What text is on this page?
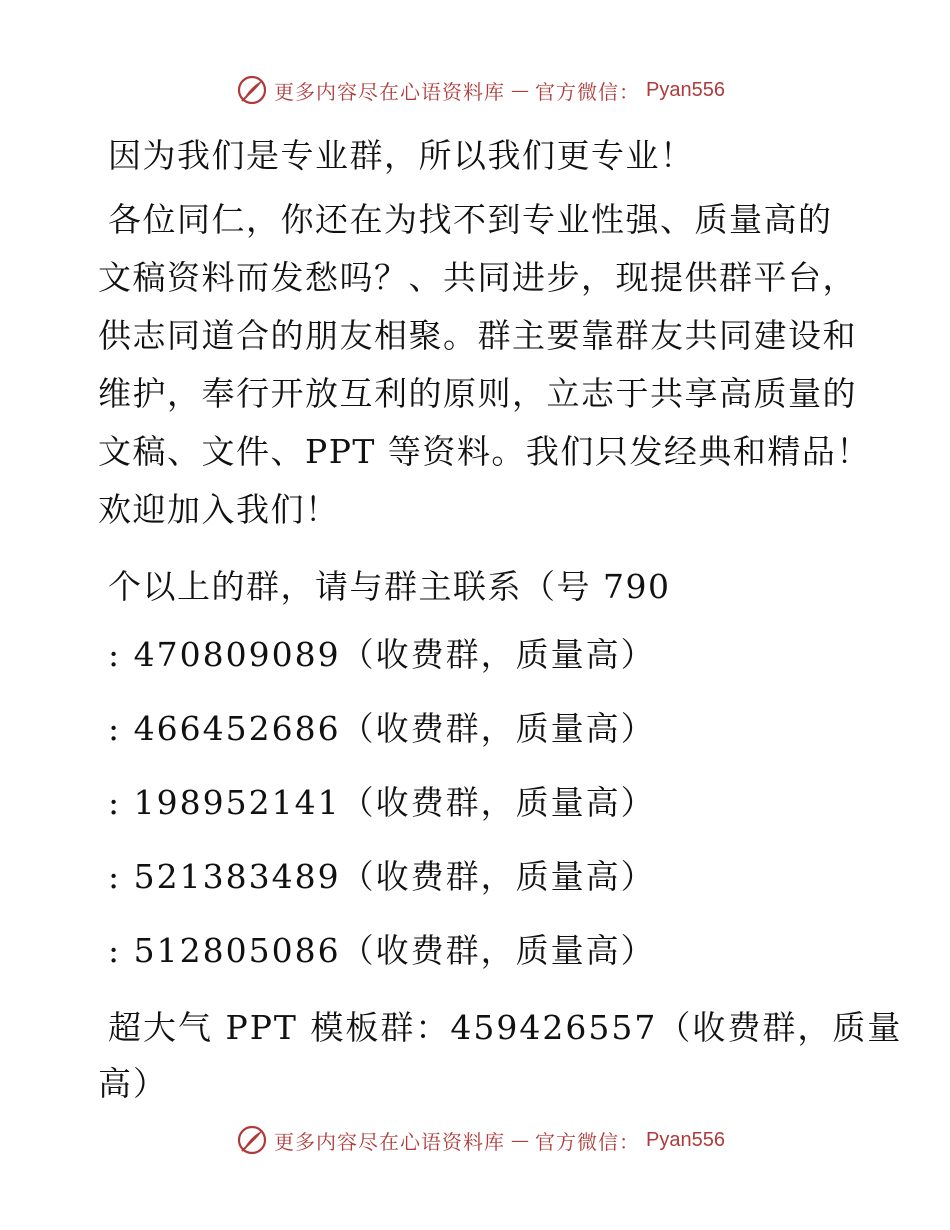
更多内容尽在心语资料库 — 官方微信： Pyan556

因为我们是专业群，所以我们更专业！

各位同仁，你还在为找不到专业性强、质量高的
文稿资料而发愁吗？、共同进步，现提供群平台，
供志同道合的朋友相聚。群主要靠群友共同建设和
维护，奉行开放互利的原则，立志于共享高质量的
文稿、文件、PPT 等资料。我们只发经典和精品！
欢迎加入我们！

个以上的群，请与群主联系（号 790

: 470809089（收费群，质量高）
: 466452686（收费群，质量高）
: 198952141（收费群，质量高）
: 521383489（收费群，质量高）
: 512805086（收费群，质量高）

超大气 PPT 模板群：459426557（收费群，质量
高）

更多内容尽在心语资料库 — 官方微信： Pyan556
